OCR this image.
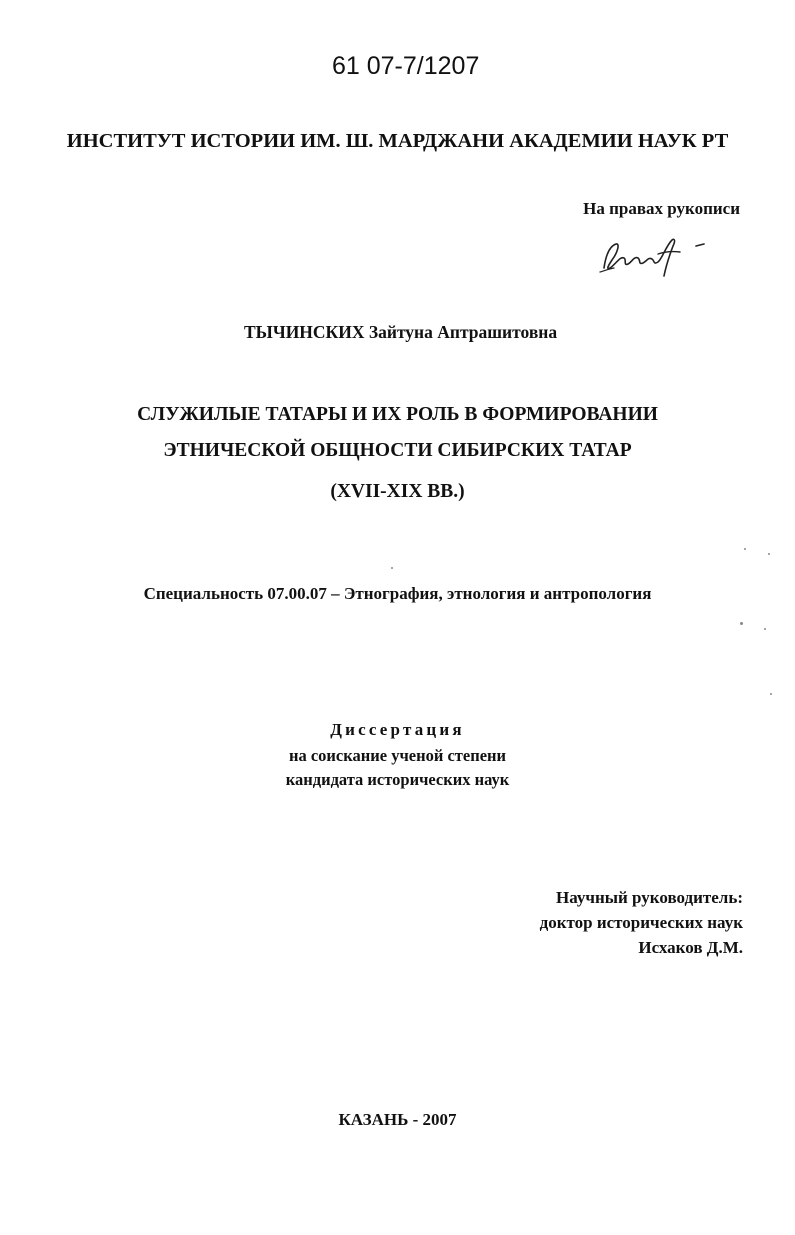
61 07-7/1207
ИНСТИТУТ ИСТОРИИ ИМ. Ш. МАРДЖАНИ АКАДЕМИИ НАУК РТ
На правах рукописи
ТЫЧИНСКИХ Зайтуна Аптрашитовна
СЛУЖИЛЫЕ ТАТАРЫ И ИХ РОЛЬ В ФОРМИРОВАНИИ
ЭТНИЧЕСКОЙ ОБЩНОСТИ СИБИРСКИХ ТАТАР
(XVII-XIX ВВ.)
Специальность 07.00.07 – Этнография, этнология и антропология
Диссертация
на соискание ученой степени
кандидата исторических наук
Научный руководитель:
доктор исторических наук
Исхаков Д.М.
КАЗАНЬ - 2007
